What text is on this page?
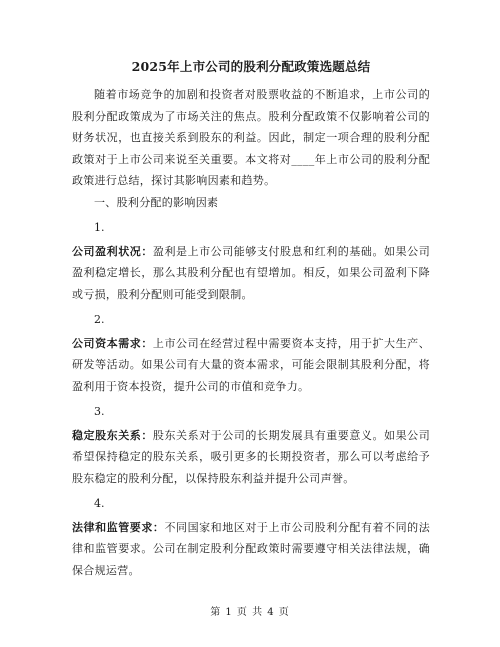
2025年上市公司的股利分配政策选题总结

随着市场竞争的加剧和投资者对股票收益的不断追求，上市公司的股利分配政策成为了市场关注的焦点。股利分配政策不仅影响着公司的财务状况，也直接关系到股东的利益。因此，制定一项合理的股利分配政策对于上市公司来说至关重要。本文将对____年上市公司的股利分配政策进行总结，探讨其影响因素和趋势。

一、股利分配的影响因素

1.

公司盈利状况：盈利是上市公司能够支付股息和红利的基础。如果公司盈利稳定增长，那么其股利分配也有望增加。相反，如果公司盈利下降或亏损，股利分配则可能受到限制。

2.

公司资本需求：上市公司在经营过程中需要资本支持，用于扩大生产、研发等活动。如果公司有大量的资本需求，可能会限制其股利分配，将盈利用于资本投资，提升公司的市值和竞争力。

3.

稳定股东关系：股东关系对于公司的长期发展具有重要意义。如果公司希望保持稳定的股东关系，吸引更多的长期投资者，那么可以考虑给予股东稳定的股利分配，以保持股东利益并提升公司声誉。

4.

法律和监管要求：不同国家和地区对于上市公司股利分配有着不同的法律和监管要求。公司在制定股利分配政策时需要遵守相关法律法规，确保合规运营。

第 1 页 共 4 页
